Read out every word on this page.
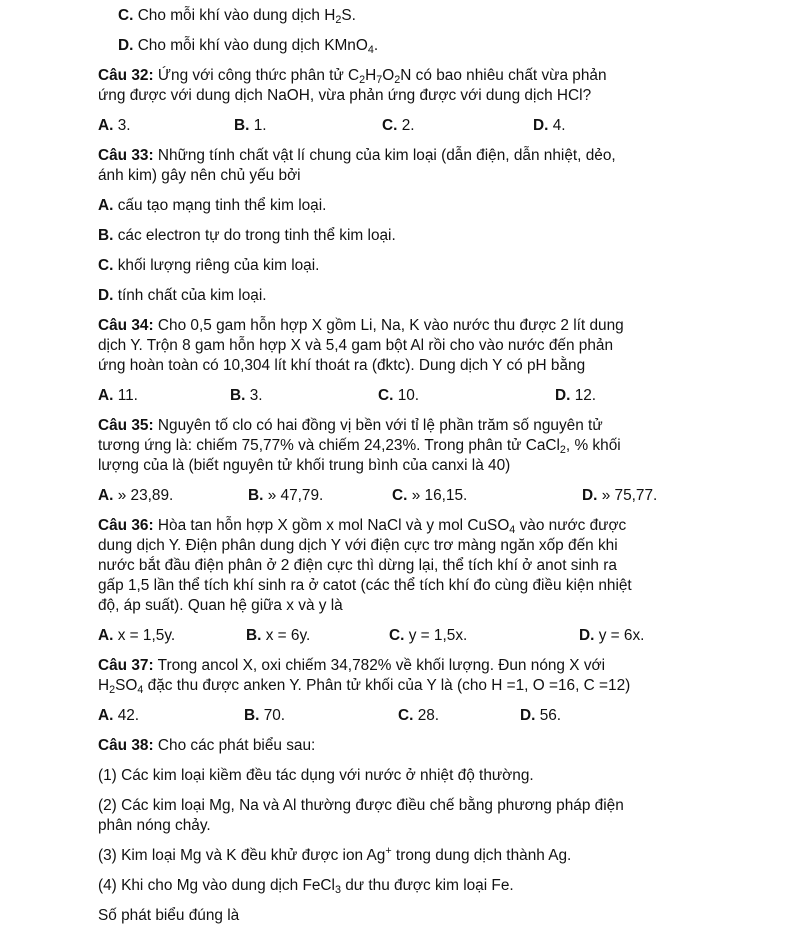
C. Cho mỗi khí vào dung dịch $H_2S$.
D. Cho mỗi khí vào dung dịch KMnO$_4$.
Câu 32: Ứng với công thức phân tử $C_2H_7O_2N$ có bao nhiêu chất vừa phản
ứng được với dung dịch NaOH, vừa phản ứng được với dung dịch HCl?
A. 3.	B. 1.	C. 2.	D. 4.
Câu 33: Những tính chất vật lí chung của kim loại (dẫn điện, dẫn nhiệt, dẻo,
ánh kim) gây nên chủ yếu bởi
A. cấu tạo mạng tinh thể kim loại.
B. các electron tự do trong tinh thể kim loại.
C. khối lượng riêng của kim loại.
D. tính chất của kim loại.
Câu 34: Cho 0,5 gam hỗn hợp X gồm Li, Na, K vào nước thu được 2 lít dung
dịch Y. Trộn 8 gam hỗn hợp X và 5,4 gam bột Al rồi cho vào nước đến phản
ứng hoàn toàn có 10,304 lít khí thoát ra (đktc). Dung dịch Y có pH bằng
A. 11.	B. 3.	C. 10.	D. 12.
Câu 35: Nguyên tố clo có hai đồng vị bền với tỉ lệ phần trăm số nguyên tử
tương ứng là: chiếm 75,77% và chiếm 24,23%. Trong phân tử CaCl$_2$, % khối
lượng của là (biết nguyên tử khối trung bình của canxi là 40)
A. » 23,89.	B. » 47,79.	C. » 16,15.	D. » 75,77.
Câu 36: Hòa tan hỗn hợp X gồm x mol NaCl và y mol CuSO$_4$ vào nước được
dung dịch Y. Điện phân dung dịch Y với điện cực trơ màng ngăn xốp đến khi
nước bắt đầu điện phân ở 2 điện cực thì dừng lại, thể tích khí ở anot sinh ra
gấp 1,5 lần thể tích khí sinh ra ở catot (các thể tích khí đo cùng điều kiện nhiệt
độ, áp suất). Quan hệ giữa x và y là
A. x = 1,5y.	B. x = 6y.	C. y = 1,5x.	D. y = 6x.
Câu 37: Trong ancol X, oxi chiếm 34,782% về khối lượng. Đun nóng X với
$H_2SO_4$ đặc thu được anken Y. Phân tử khối của Y là (cho H =1, O =16, C =12)
A. 42.	B. 70.	C. 28.	D. 56.
Câu 38: Cho các phát biểu sau:
(1) Các kim loại kiềm đều tác dụng với nước ở nhiệt độ thường.
(2) Các kim loại Mg, Na và Al thường được điều chế bằng phương pháp điện
phân nóng chảy.
(3) Kim loại Mg và K đều khử được ion Ag+ trong dung dịch thành Ag.
(4) Khi cho Mg vào dung dịch FeCl$_3$ dư thu được kim loại Fe.
Số phát biểu đúng là
